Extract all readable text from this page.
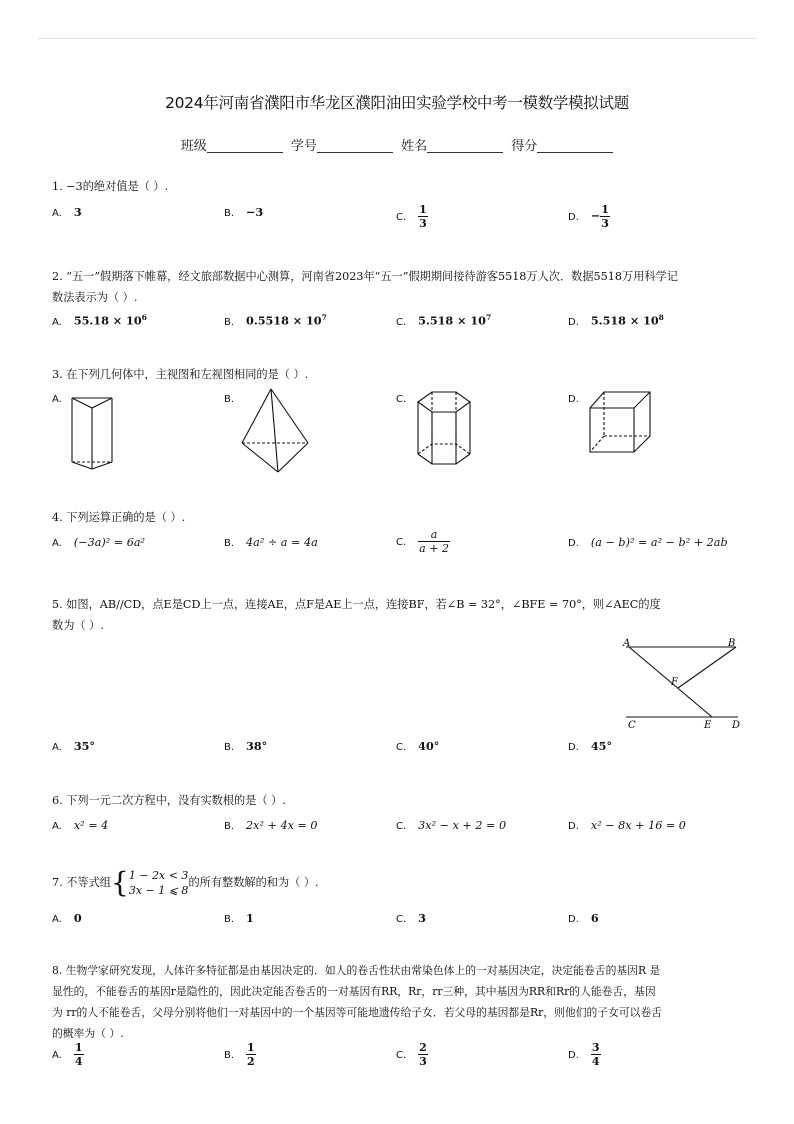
2024年河南省濮阳市华龙区濮阳油田实验学校中考一模数学模拟试题
班级	学号	姓名	得分
1. −3的绝对值是（ ）.
A. 3	B. −3	C. $\frac{1}{3}$	D. − $\frac{1}{3}$
2. “五一”假期落下帷幕，经文旅部数据中心测算，河南省2023年“五一”假期期间接待游客5518万人次．数据5518万用科学记
数法表示为（ ）.
A. $55.18 \times 10^6$	B. $0.5518 \times 10^7$	C. $5.518 \times 10^7$	D. $5.518 \times 10^8$
3. 在下列几何体中，主视图和左视图相同的是（ ）.
A.	B.	C.	D.
4. 下列运算正确的是（ ）.
A. (−3a)² = 6a²	B. 4a² ÷ a = 4a	C. $\frac{a}{a + 2}$	D. (a − b)² = a² − b² + 2ab
5. 如图，AB//CD，点E是CD上一点，连接AE，点F是AE上一点，连接BF，若∠B = 32°，∠BFE = 70°，则∠AEC的度
数为（ ）.
A	B
F
C	E D
A. 35°	B. 38°	C. 40°	D. 45°
6. 下列一元二次方程中，没有实数根的是（ ）.
A. x² = 4	B. 2x² + 4x = 0	C. 3x² − x + 2 = 0	D. x² − 8x + 16 = 0
7. 不等式组{ 1 − 2x < 3
3x − 1 ⩽ 8
的所有整数解的和为（ ）.
A. 0	B. 1	C. 3	D. 6
8. 生物学家研究发现，人体许多特征都是由基因决定的．如人的卷舌性状由常染色体上的一对基因决定，决定能卷舌的基因R 是
显性的，不能卷舌的基因r是隐性的，因此决定能否卷舌的一对基因有RR，Rr，rr三种，其中基因为RR和Rr的人能卷舌，基因
为 rr的人不能卷舌，父母分别将他们一对基因中的一个基因等可能地遗传给子女．若父母的基因都是Rr，则他们的子女可以卷舌
的概率为（ ）.
A. $\frac{1}{4}$	B. $\frac{1}{2}$	C. $\frac{2}{3}$	D. $\frac{3}{4}$
